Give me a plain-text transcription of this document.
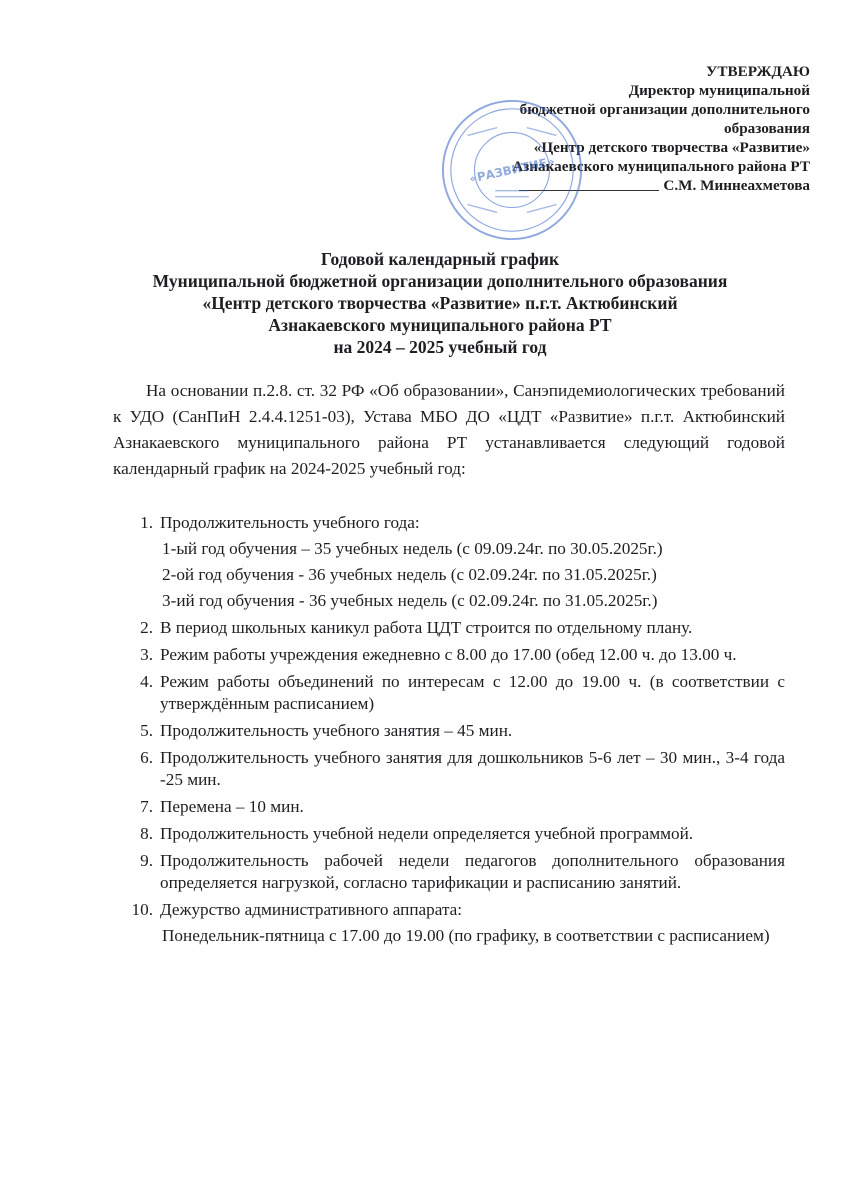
УТВЕРЖДАЮ
Директор муниципальной
бюджетной организации дополнительного
образования
«Центр детского творчества «Развитие»
Азнакаевского муниципального района РТ
С.М. Миннеахметова
«РАЗВИТИЕ»
Годовой календарный график
Муниципальной бюджетной организации дополнительного образования
«Центр детского творчества «Развитие» п.г.т. Актюбинский
Азнакаевского муниципального района РТ
на 2024 – 2025 учебный год
На основании п.2.8. ст. 32 РФ «Об образовании», Санэпидемиологических требований к УДО (СанПиН 2.4.4.1251-03), Устава МБО ДО «ЦДТ «Развитие» п.г.т. Актюбинский Азнакаевского муниципального района РТ устанавливается следующий годовой календарный график на 2024-2025 учебный год:
1. Продолжительность учебного года:
1-ый год обучения – 35 учебных недель (с 09.09.24г. по 30.05.2025г.)
2-ой год обучения - 36 учебных недель (с 02.09.24г. по 31.05.2025г.)
3-ий год обучения - 36 учебных недель (с 02.09.24г. по 31.05.2025г.)
2. В период школьных каникул работа ЦДТ строится по отдельному плану.
3. Режим работы учреждения ежедневно с 8.00 до 17.00 (обед 12.00 ч. до 13.00 ч.
4. Режим работы объединений по интересам с 12.00 до 19.00 ч. (в соответствии с утверждённым расписанием)
5. Продолжительность учебного занятия – 45 мин.
6. Продолжительность учебного занятия для дошкольников 5-6 лет – 30 мин., 3-4 года -25 мин.
7. Перемена – 10 мин.
8. Продолжительность учебной недели определяется учебной программой.
9. Продолжительность рабочей недели педагогов дополнительного образования определяется нагрузкой, согласно тарификации и расписанию занятий.
10. Дежурство административного аппарата:
Понедельник-пятница с 17.00 до 19.00 (по графику, в соответствии с расписанием)
